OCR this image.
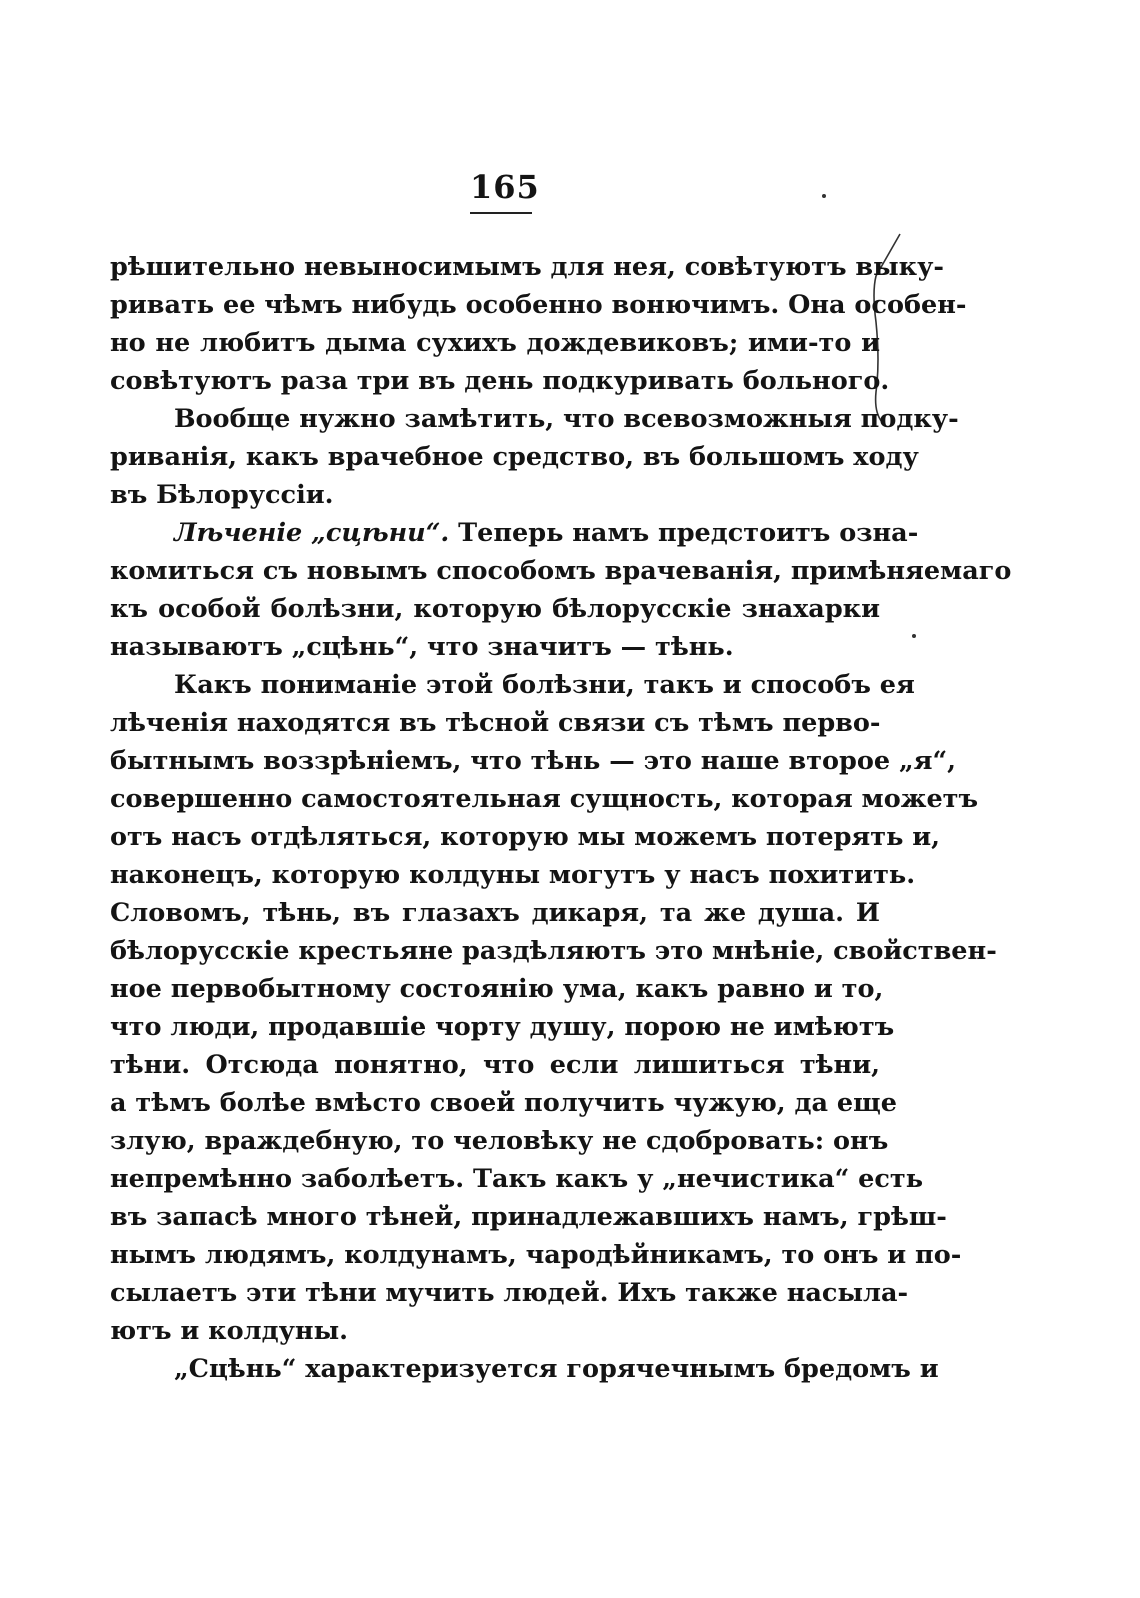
165
рѣшительно невыносимымъ для нея, совѣтуютъ выку-
ривать ее чѣмъ нибудь особенно вонючимъ. Она особен-
но не любитъ дыма сухихъ дождевиковъ; ими-то и
совѣтуютъ раза три въ день подкуривать больного.
Вообще нужно замѣтить, что всевозможныя подку-
риванія, какъ врачебное средство, въ большомъ ходу
въ Бѣлоруссіи.
Лѣченіе „сцѣни“. Теперь намъ предстоитъ озна-
комиться съ новымъ способомъ врачеванія, примѣняемаго
къ особой болѣзни, которую бѣлорусскіе знахарки
называютъ „сцѣнь“, что значитъ — тѣнь.
Какъ пониманіе этой болѣзни, такъ и способъ ея
лѣченія находятся въ тѣсной связи съ тѣмъ перво-
бытнымъ воззрѣніемъ, что тѣнь — это наше второе „я“,
совершенно самостоятельная сущность, которая можетъ
отъ насъ отдѣляться, которую мы можемъ потерять и,
наконецъ, которую колдуны могутъ у насъ похитить.
Словомъ, тѣнь, въ глазахъ дикаря, та же душа. И
бѣлорусскіе крестьяне раздѣляютъ это мнѣніе, свойствен-
ное первобытному состоянію ума, какъ равно и то,
что люди, продавшіе чорту душу, порою не имѣютъ
тѣни. Отсюда понятно, что если лишиться тѣни,
а тѣмъ болѣе вмѣсто своей получить чужую, да еще
злую, враждебную, то человѣку не сдобровать: онъ
непремѣнно заболѣетъ. Такъ какъ у „нечистика“ есть
въ запасѣ много тѣней, принадлежавшихъ намъ, грѣш-
нымъ людямъ, колдунамъ, чародѣйникамъ, то онъ и по-
сылаетъ эти тѣни мучить людей. Ихъ также насыла-
ютъ и колдуны.
„Сцѣнь“ характеризуется горячечнымъ бредомъ и
